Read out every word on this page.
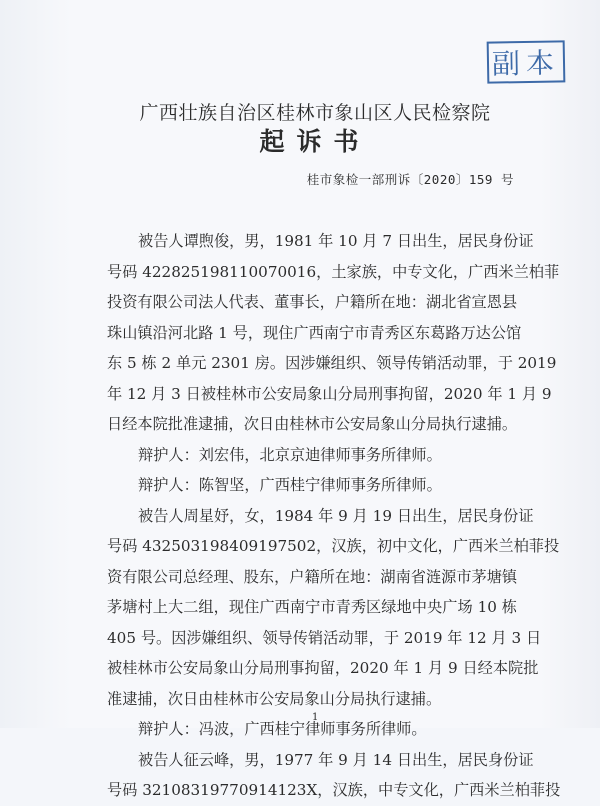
副本
广西壮族自治区桂林市象山区人民检察院
起诉书
桂市象检一部刑诉〔2020〕159 号
被告人谭煦俊，男，1981 年 10 月 7 日出生，居民身份证
号码 422825198110070016，土家族，中专文化，广西米兰柏菲
投资有限公司法人代表、董事长，户籍所在地：湖北省宣恩县
珠山镇沿河北路 1 号，现住广西南宁市青秀区东葛路万达公馆
东 5 栋 2 单元 2301 房。因涉嫌组织、领导传销活动罪，于 2019
年 12 月 3 日被桂林市公安局象山分局刑事拘留，2020 年 1 月 9
日经本院批准逮捕，次日由桂林市公安局象山分局执行逮捕。
辩护人：刘宏伟，北京京迪律师事务所律师。
辩护人：陈智坚，广西桂宁律师事务所律师。
被告人周星妤，女，1984 年 9 月 19 日出生，居民身份证
号码 432503198409197502，汉族，初中文化，广西米兰柏菲投
资有限公司总经理、股东，户籍所在地：湖南省涟源市茅塘镇
茅塘村上大二组，现住广西南宁市青秀区绿地中央广场 10 栋
405 号。因涉嫌组织、领导传销活动罪，于 2019 年 12 月 3 日
被桂林市公安局象山分局刑事拘留，2020 年 1 月 9 日经本院批
准逮捕，次日由桂林市公安局象山分局执行逮捕。
辩护人：冯波，广西桂宁律师事务所律师。
被告人征云峰，男，1977 年 9 月 14 日出生，居民身份证
号码 32108319770914123X，汉族，中专文化，广西米兰柏菲投
1
